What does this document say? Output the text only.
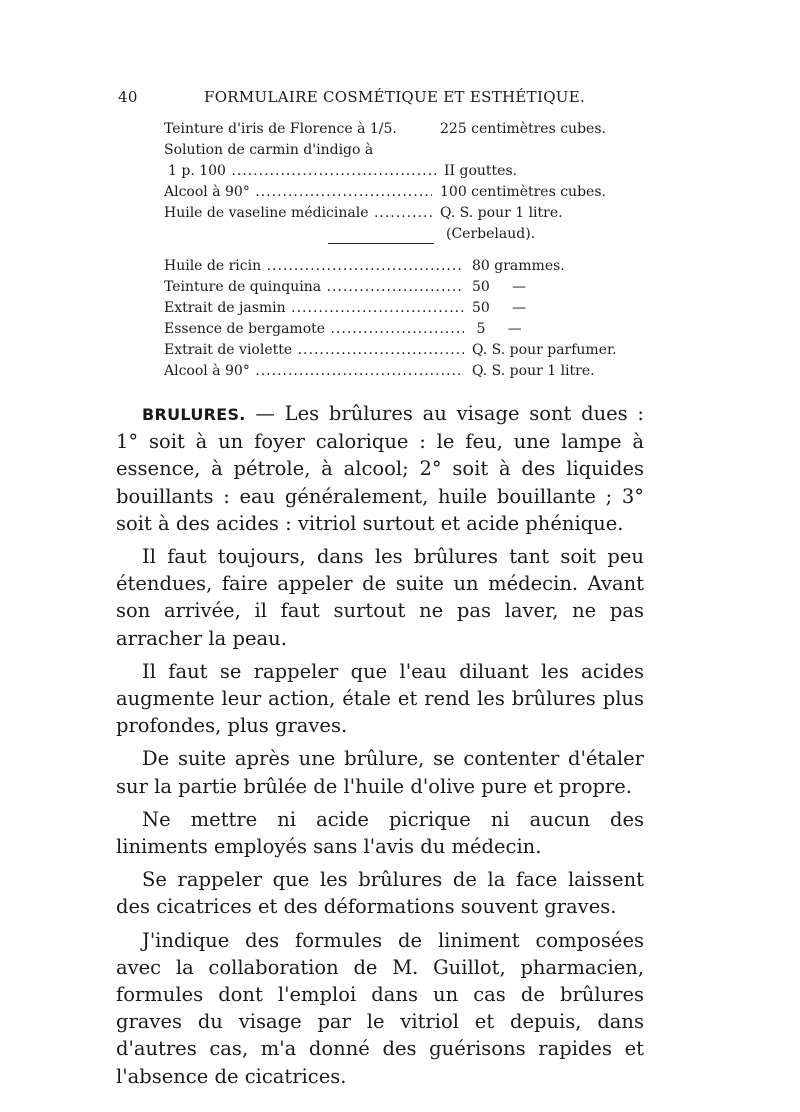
40	FORMULAIRE COSMÉTIQUE ET ESTHÉTIQUE.
Teinture d'iris de Florence à 1/5.	225 centimètres cubes.
Solution de carmin d'indigo à
1 p. 100 .....	II gouttes.
Alcool à 90° .....	100 centimètres cubes.
Huile de vaseline médicinale .....	Q. S. pour 1 litre.
(Cerbelaud).
Huile de ricin .....	80 grammes.
Teinture de quinquina .....	50     —
Extrait de jasmin .....	50     —
Essence de bergamote .....	5     —
Extrait de violette .....	Q. S. pour parfumer.
Alcool à 90° .....	Q. S. pour 1 litre.

BRULURES. — Les brûlures au visage sont dues : 1° soit à un foyer calorique : le feu, une lampe à essence, à pétrole, à alcool; 2° soit à des liquides bouillants : eau généralement, huile bouillante ; 3° soit à des acides : vitriol surtout et acide phénique.

Il faut toujours, dans les brûlures tant soit peu étendues, faire appeler de suite un médecin. Avant son arrivée, il faut surtout ne pas laver, ne pas arracher la peau.

Il faut se rappeler que l'eau diluant les acides augmente leur action, étale et rend les brûlures plus profondes, plus graves.

De suite après une brûlure, se contenter d'étaler sur la partie brûlée de l'huile d'olive pure et propre.

Ne mettre ni acide picrique ni aucun des liniments employés sans l'avis du médecin.

Se rappeler que les brûlures de la face laissent des cicatrices et des déformations souvent graves.

J'indique des formules de liniment composées avec la collaboration de M. Guillot, pharmacien, formules dont l'emploi dans un cas de brûlures graves du visage par le vitriol et depuis, dans d'autres cas, m'a donné des guérisons rapides et l'absence de cicatrices.
